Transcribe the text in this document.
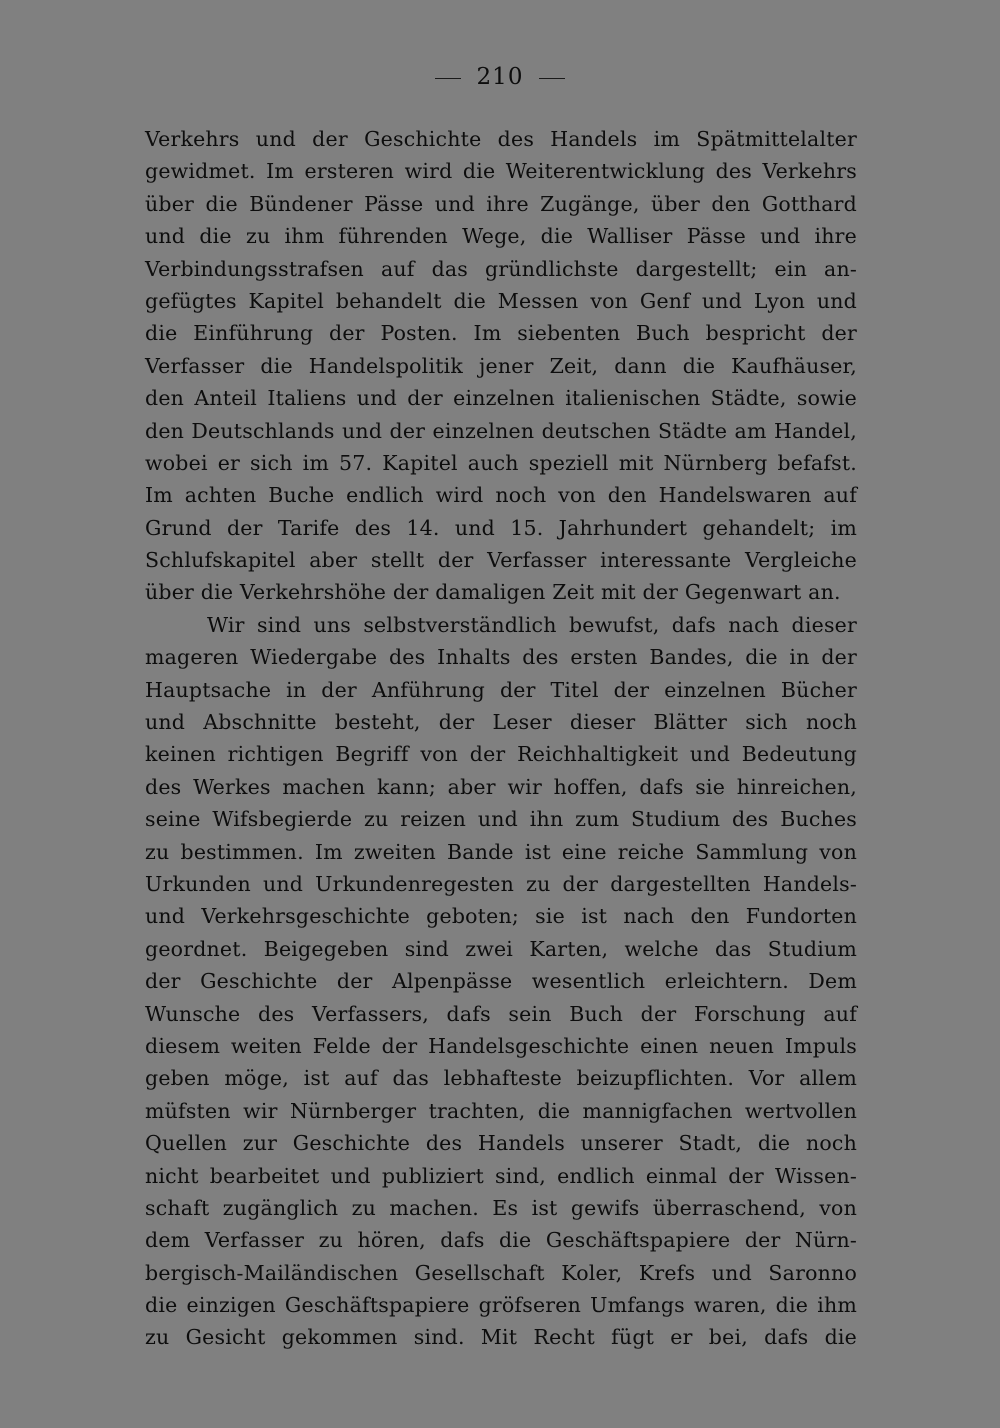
210
Verkehrs und der Geschichte des Handels im Spätmittelalter
gewidmet. Im ersteren wird die Weiterentwicklung des Verkehrs
über die Bündener Pässe und ihre Zugänge, über den Gotthard
und die zu ihm führenden Wege, die Walliser Pässe und ihre
Verbindungsstrafsen auf das gründlichste dargestellt; ein an-
gefügtes Kapitel behandelt die Messen von Genf und Lyon und
die Einführung der Posten. Im siebenten Buch bespricht der
Verfasser die Handelspolitik jener Zeit, dann die Kaufhäuser,
den Anteil Italiens und der einzelnen italienischen Städte, sowie
den Deutschlands und der einzelnen deutschen Städte am Handel,
wobei er sich im 57. Kapitel auch speziell mit Nürnberg befafst.
Im achten Buche endlich wird noch von den Handelswaren auf
Grund der Tarife des 14. und 15. Jahrhundert gehandelt; im
Schlufskapitel aber stellt der Verfasser interessante Vergleiche
über die Verkehrshöhe der damaligen Zeit mit der Gegenwart an.
Wir sind uns selbstverständlich bewufst, dafs nach dieser
mageren Wiedergabe des Inhalts des ersten Bandes, die in der
Hauptsache in der Anführung der Titel der einzelnen Bücher
und Abschnitte besteht, der Leser dieser Blätter sich noch
keinen richtigen Begriff von der Reichhaltigkeit und Bedeutung
des Werkes machen kann; aber wir hoffen, dafs sie hinreichen,
seine Wifsbegierde zu reizen und ihn zum Studium des Buches
zu bestimmen. Im zweiten Bande ist eine reiche Sammlung von
Urkunden und Urkundenregesten zu der dargestellten Handels-
und Verkehrsgeschichte geboten; sie ist nach den Fundorten
geordnet. Beigegeben sind zwei Karten, welche das Studium
der Geschichte der Alpenpässe wesentlich erleichtern. Dem
Wunsche des Verfassers, dafs sein Buch der Forschung auf
diesem weiten Felde der Handelsgeschichte einen neuen Impuls
geben möge, ist auf das lebhafteste beizupflichten. Vor allem
müfsten wir Nürnberger trachten, die mannigfachen wertvollen
Quellen zur Geschichte des Handels unserer Stadt, die noch
nicht bearbeitet und publiziert sind, endlich einmal der Wissen-
schaft zugänglich zu machen. Es ist gewifs überraschend, von
dem Verfasser zu hören, dafs die Geschäftspapiere der Nürn-
bergisch-Mailändischen Gesellschaft Koler, Krefs und Saronno
die einzigen Geschäftspapiere gröfseren Umfangs waren, die ihm
zu Gesicht gekommen sind. Mit Recht fügt er bei, dafs die
